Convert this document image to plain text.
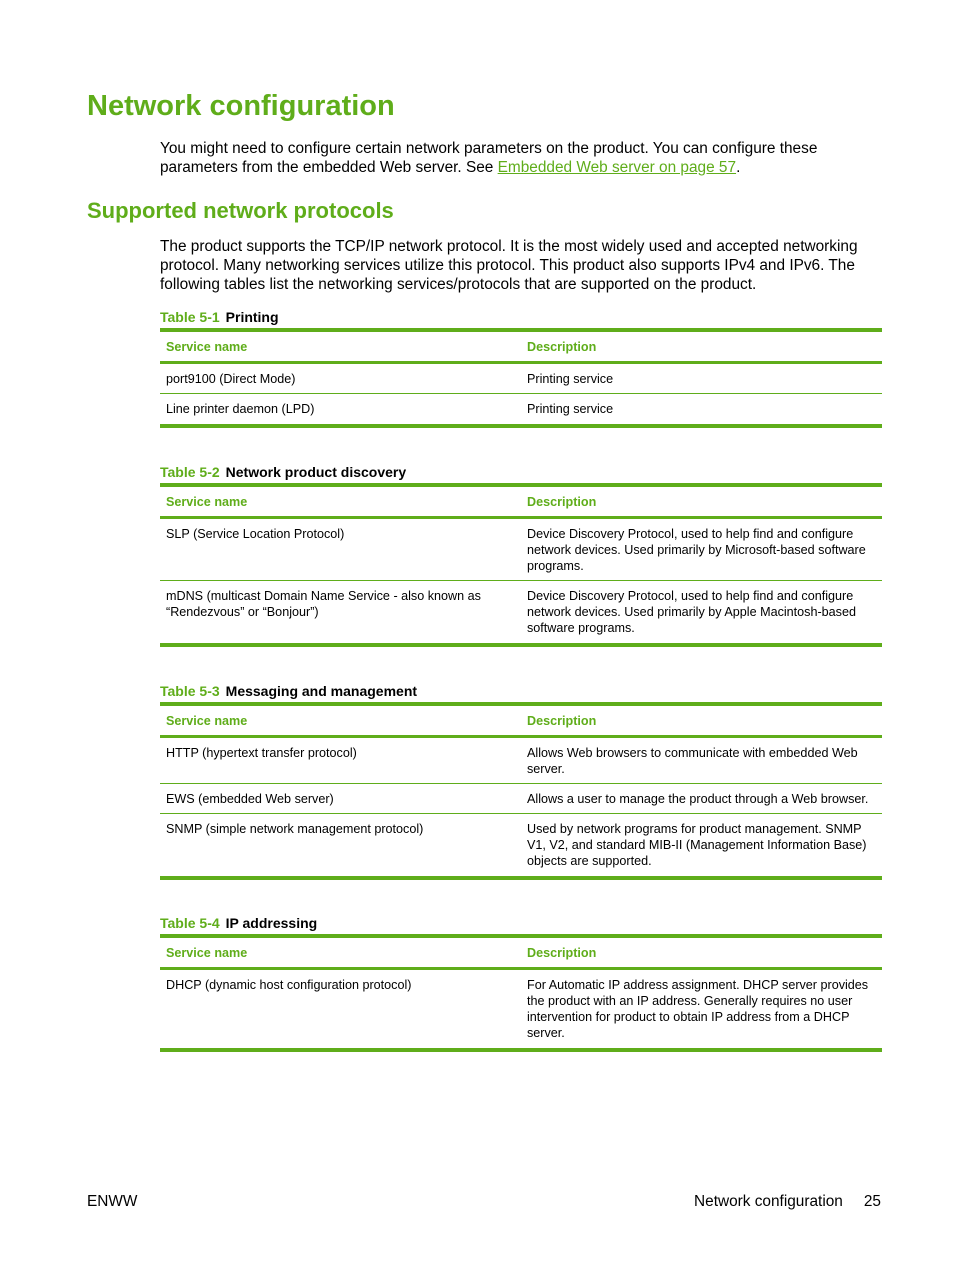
Network configuration

You might need to configure certain network parameters on the product. You can configure these parameters from the embedded Web server. See Embedded Web server on page 57.

Supported network protocols

The product supports the TCP/IP network protocol. It is the most widely used and accepted networking protocol. Many networking services utilize this protocol. This product also supports IPv4 and IPv6. The following tables list the networking services/protocols that are supported on the product.

Table 5-1 Printing

Service name	Description
port9100 (Direct Mode)	Printing service
Line printer daemon (LPD)	Printing service

Table 5-2 Network product discovery

Service name	Description
SLP (Service Location Protocol)	Device Discovery Protocol, used to help find and configure network devices. Used primarily by Microsoft-based software programs.
mDNS (multicast Domain Name Service - also known as “Rendezvous” or “Bonjour”)	Device Discovery Protocol, used to help find and configure network devices. Used primarily by Apple Macintosh-based software programs.

Table 5-3 Messaging and management

Service name	Description
HTTP (hypertext transfer protocol)	Allows Web browsers to communicate with embedded Web server.
EWS (embedded Web server)	Allows a user to manage the product through a Web browser.
SNMP (simple network management protocol)	Used by network programs for product management. SNMP V1, V2, and standard MIB-II (Management Information Base) objects are supported.

Table 5-4 IP addressing

Service name	Description
DHCP (dynamic host configuration protocol)	For Automatic IP address assignment. DHCP server provides the product with an IP address. Generally requires no user intervention for product to obtain IP address from a DHCP server.
ENWW	Network configuration 25
